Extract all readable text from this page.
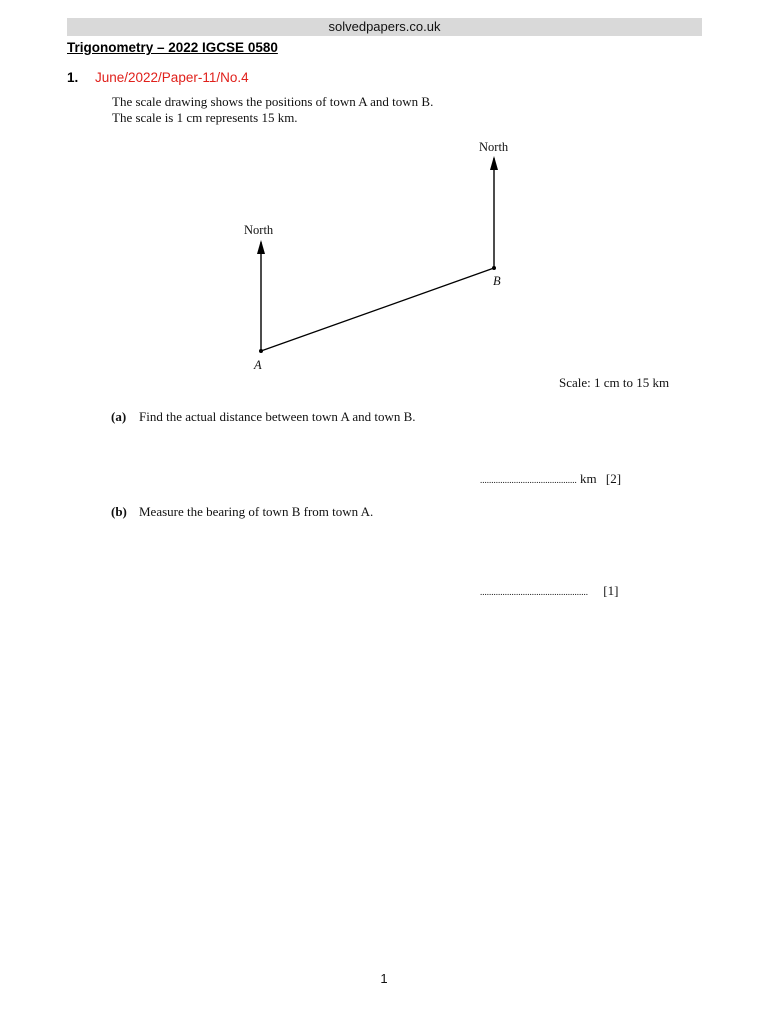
solvedpapers.co.uk
Trigonometry – 2022 IGCSE 0580
1. June/2022/Paper-11/No.4
The scale drawing shows the positions of town A and town B.
The scale is 1 cm represents 15 km.
North
North
A
B
Scale: 1 cm to 15 km
(a) Find the actual distance between town A and town B.
........................................... km [2]
(b) Measure the bearing of town B from town A.
................................................ [1]
1
